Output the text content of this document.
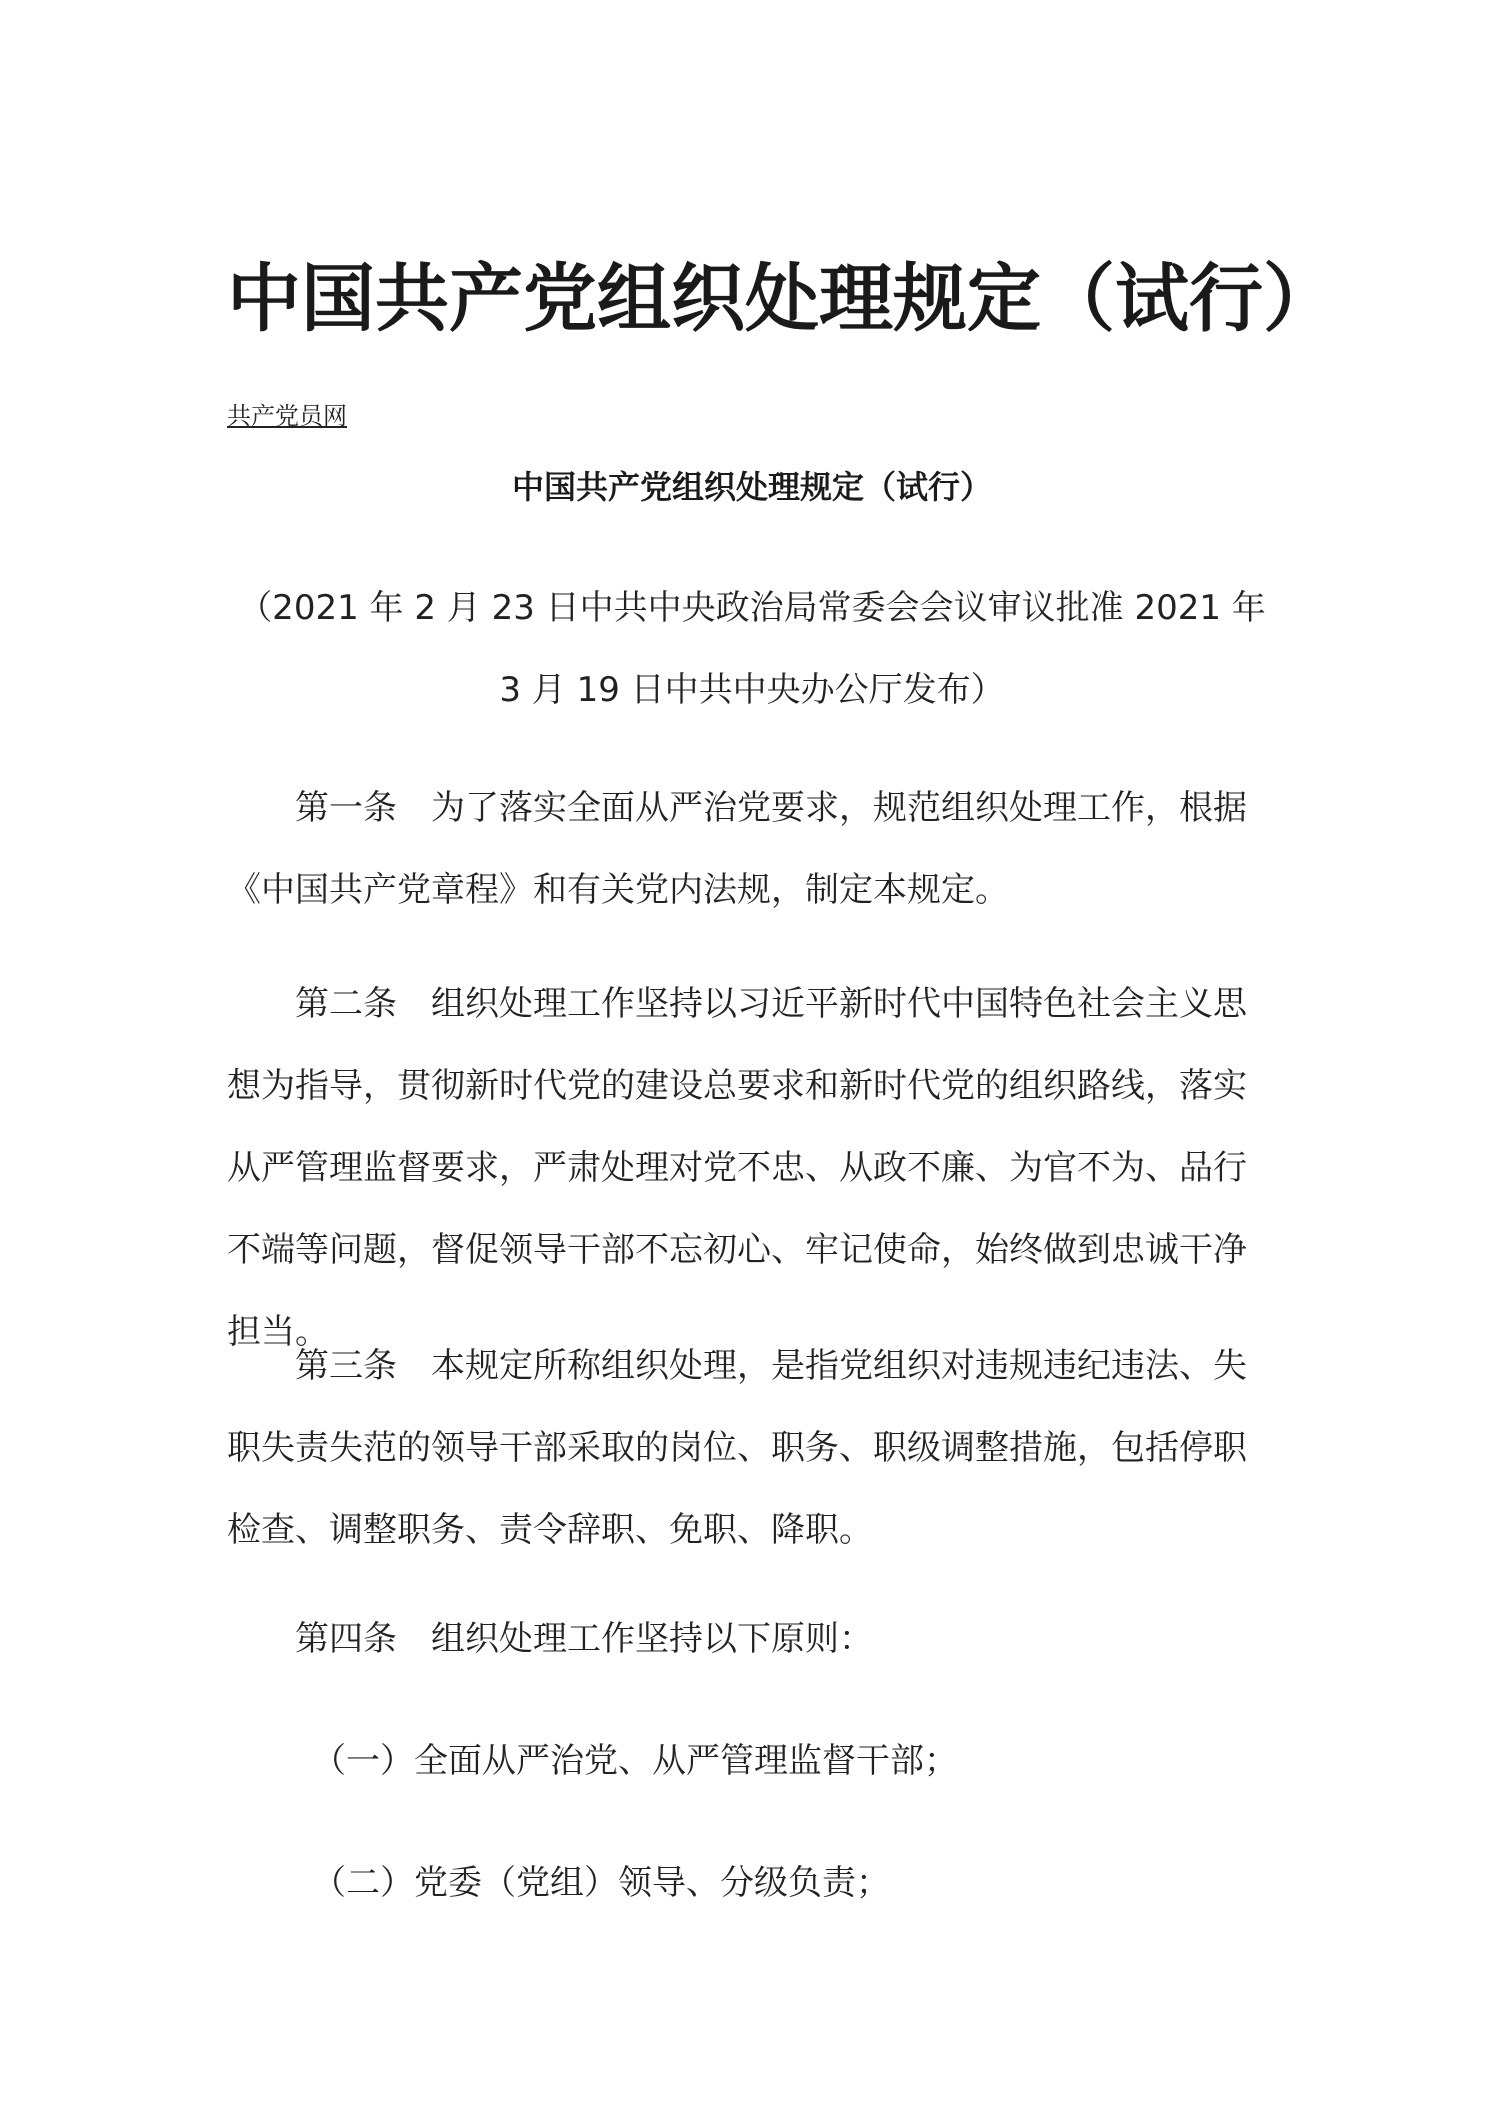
中国共产党组织处理规定（试行）
共产党员网
中国共产党组织处理规定（试行）

（2021 年 2 月 23 日中共中央政治局常委会会议审议批准 2021 年 3 月 19 日中共中央办公厅发布）

第一条 为了落实全面从严治党要求，规范组织处理工作，根据《中国共产党章程》和有关党内法规，制定本规定。

第二条 组织处理工作坚持以习近平新时代中国特色社会主义思想为指导，贯彻新时代党的建设总要求和新时代党的组织路线，落实从严管理监督要求，严肃处理对党不忠、从政不廉、为官不为、品行不端等问题，督促领导干部不忘初心、牢记使命，始终做到忠诚干净担当。

第三条 本规定所称组织处理，是指党组织对违规违纪违法、失职失责失范的领导干部采取的岗位、职务、职级调整措施，包括停职检查、调整职务、责令辞职、免职、降职。

第四条 组织处理工作坚持以下原则：

（一）全面从严治党、从严管理监督干部；

（二）党委（党组）领导、分级负责；
